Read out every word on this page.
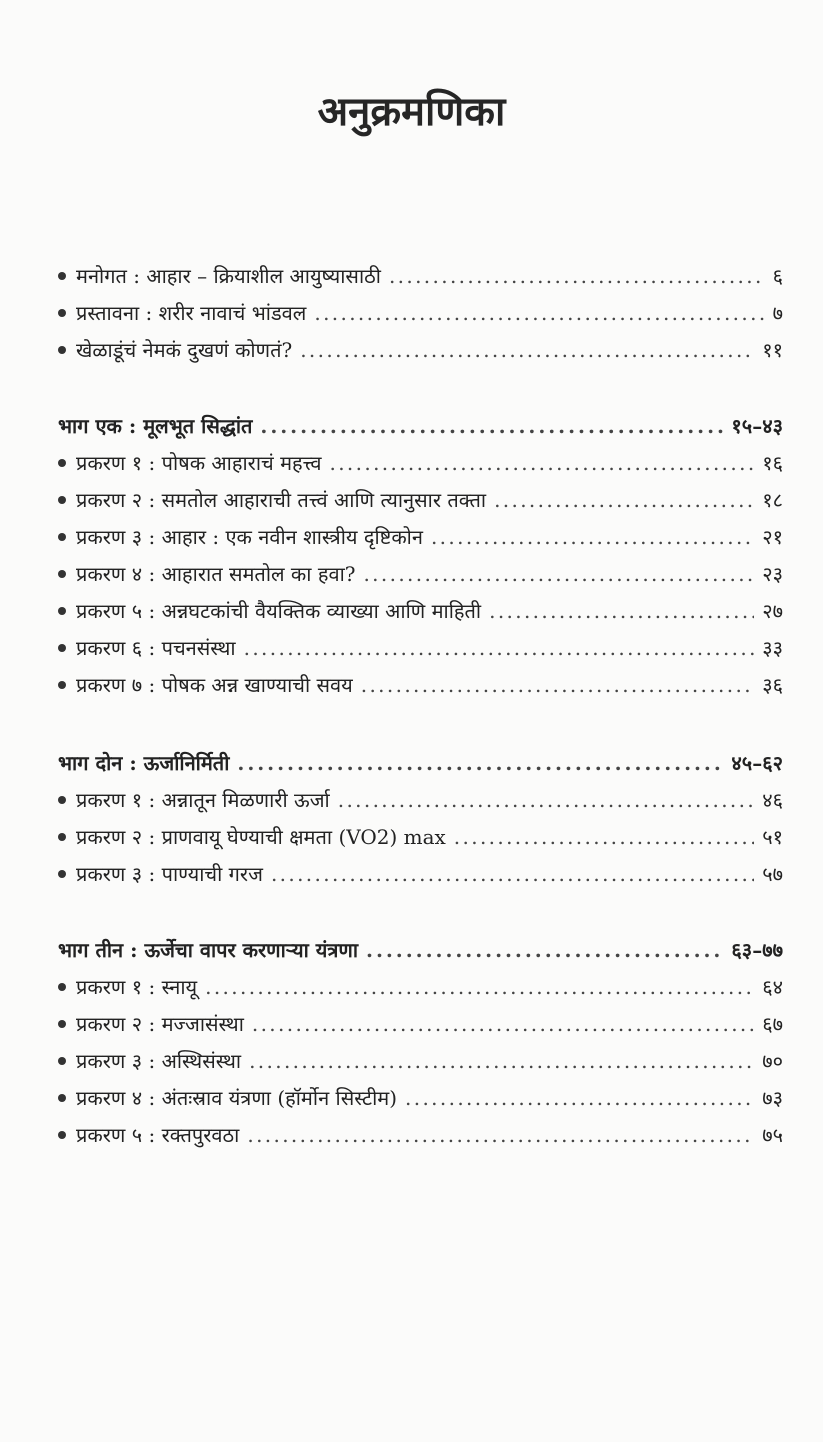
अनुक्रमणिका
मनोगत : आहार – क्रियाशील आयुष्यासाठी . . .	६
प्रस्तावना : शरीर नावाचं भांडवल . . .	७
खेळाडूंचं नेमकं दुखणं कोणतं? . . .	११
भाग एक : मूलभूत सिद्धांत . . .	१५–४३
प्रकरण १ : पोषक आहाराचं महत्त्व . . .	१६
प्रकरण २ : समतोल आहाराची तत्त्वं आणि त्यानुसार तक्ता . . .	१८
प्रकरण ३ : आहार : एक नवीन शास्त्रीय दृष्टिकोन . . .	२१
प्रकरण ४ : आहारात समतोल का हवा? . . .	२३
प्रकरण ५ : अन्नघटकांची वैयक्तिक व्याख्या आणि माहिती . . .	२७
प्रकरण ६ : पचनसंस्था . . .	३३
प्रकरण ७ : पोषक अन्न खाण्याची सवय . . .	३६
भाग दोन : ऊर्जानिर्मिती . . .	४५–६२
प्रकरण १ : अन्नातून मिळणारी ऊर्जा . . .	४६
प्रकरण २ : प्राणवायू घेण्याची क्षमता (VO2) max . . .	५१
प्रकरण ३ : पाण्याची गरज . . .	५७
भाग तीन : ऊर्जेचा वापर करणाऱ्या यंत्रणा . . .	६३–७७
प्रकरण १ : स्नायू . . .	६४
प्रकरण २ : मज्जासंस्था . . .	६७
प्रकरण ३ : अस्थिसंस्था . . .	७०
प्रकरण ४ : अंतःस्राव यंत्रणा (हॉर्मोन सिस्टीम) . . .	७३
प्रकरण ५ : रक्तपुरवठा . . .	७५
